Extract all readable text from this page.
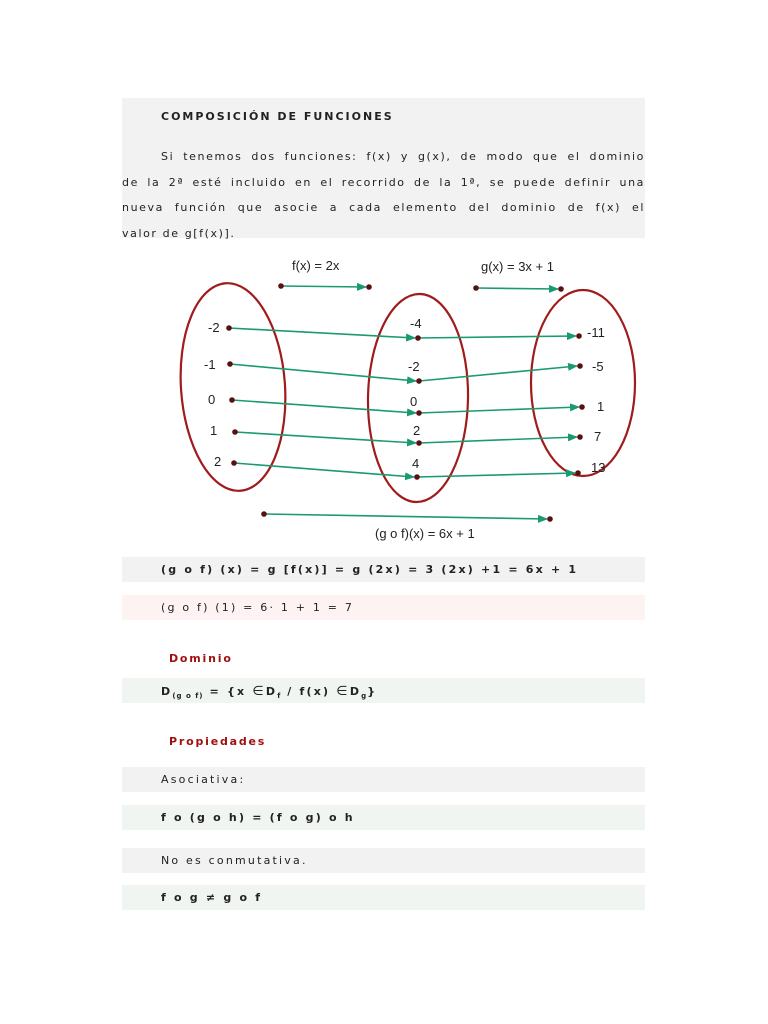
COMPOSICIÓN DE FUNCIONES
Si tenemos dos funciones: f(x) y g(x), de modo que el dominio
de la 2ª esté incluido en el recorrido de la 1ª, se puede definir una
nueva función que asocie a cada elemento del dominio de f(x) el
valor de g[f(x)].
-2
-1
0
1
2
-4
-2
0
2
4
-11
-5
1
7
13
f(x) = 2x	g(x) = 3x + 1
(g o f)(x) = 6x + 1
(g o f) (x) = g [f(x)] = g (2x) = 3 (2x) +1 = 6x + 1
(g o f) (1) = 6· 1 + 1 = 7
Dominio
$D_{(g o f)} = \{x$ $\in D_f / f(x)$ $\in D_g$}
Propiedades
Asociativa:
f o (g o h) = (f o g) o h
No es conmutativa.
f o g ≠ g o f
